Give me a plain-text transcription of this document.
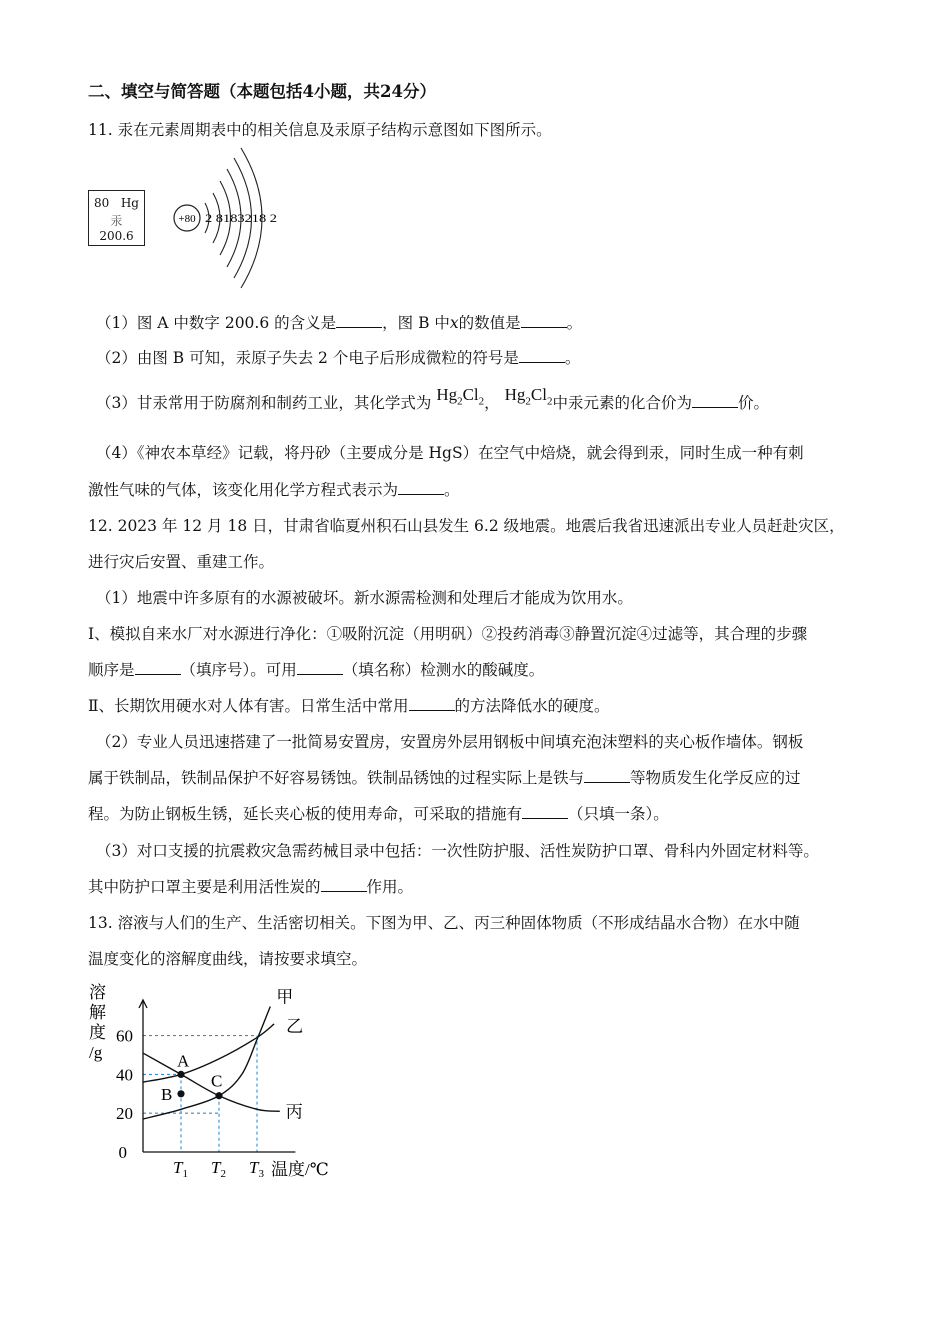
二、填空与简答题（本题包括4小题，共24分）
11. 汞在元素周期表中的相关信息及汞原子结构示意图如下图所示。
80 Hg
汞
200.6
+80 2 8183218 2
（1）图 A 中数字 200.6 的含义是	，图 B 中x的数值是	。
（2）由图 B 可知，汞原子失去 2 个电子后形成微粒的符号是	。
（3）甘汞常用于防腐剂和制药工业，其化学式为 $Hg_2Cl_2$， $Hg_2Cl_2$中汞元素的化合价为	价。
（4）《神农本草经》记载，将丹砂（主要成分是 HgS）在空气中焙烧，就会得到汞，同时生成一种有刺
激性气味的气体，该变化用化学方程式表示为	。
12. 2023 年 12 月 18 日，甘肃省临夏州积石山县发生 6.2 级地震。地震后我省迅速派出专业人员赶赴灾区，
进行灾后安置、重建工作。
（1）地震中许多原有的水源被破坏。新水源需检测和处理后才能成为饮用水。
Ⅰ、模拟自来水厂对水源进行净化：①吸附沉淀（用明矾）②投药消毒③静置沉淀④过滤等，其合理的步骤
顺序是	（填序号）。可用	（填名称）检测水的酸碱度。
Ⅱ、长期饮用硬水对人体有害。日常生活中常用	的方法降低水的硬度。
（2）专业人员迅速搭建了一批简易安置房，安置房外层用钢板中间填充泡沫塑料的夹心板作墙体。钢板
属于铁制品，铁制品保护不好容易锈蚀。铁制品锈蚀的过程实际上是铁与	等物质发生化学反应的过
程。为防止钢板生锈，延长夹心板的使用寿命，可采取的措施有	（只填一条）。
（3）对口支援的抗震救灾急需药械目录中包括：一次性防护服、活性炭防护口罩、骨科内外固定材料等。
其中防护口罩主要是利用活性炭的	作用。
13. 溶液与人们的生产、生活密切相关。下图为甲、乙、丙三种固体物质（不形成结晶水合物）在水中随
温度变化的溶解度曲线，请按要求填空。
溶
解
度
/g
20
40
60
0
$T_1$ $T_2$ $T_3$ 温度/℃
甲
乙
丙
A
B
C
